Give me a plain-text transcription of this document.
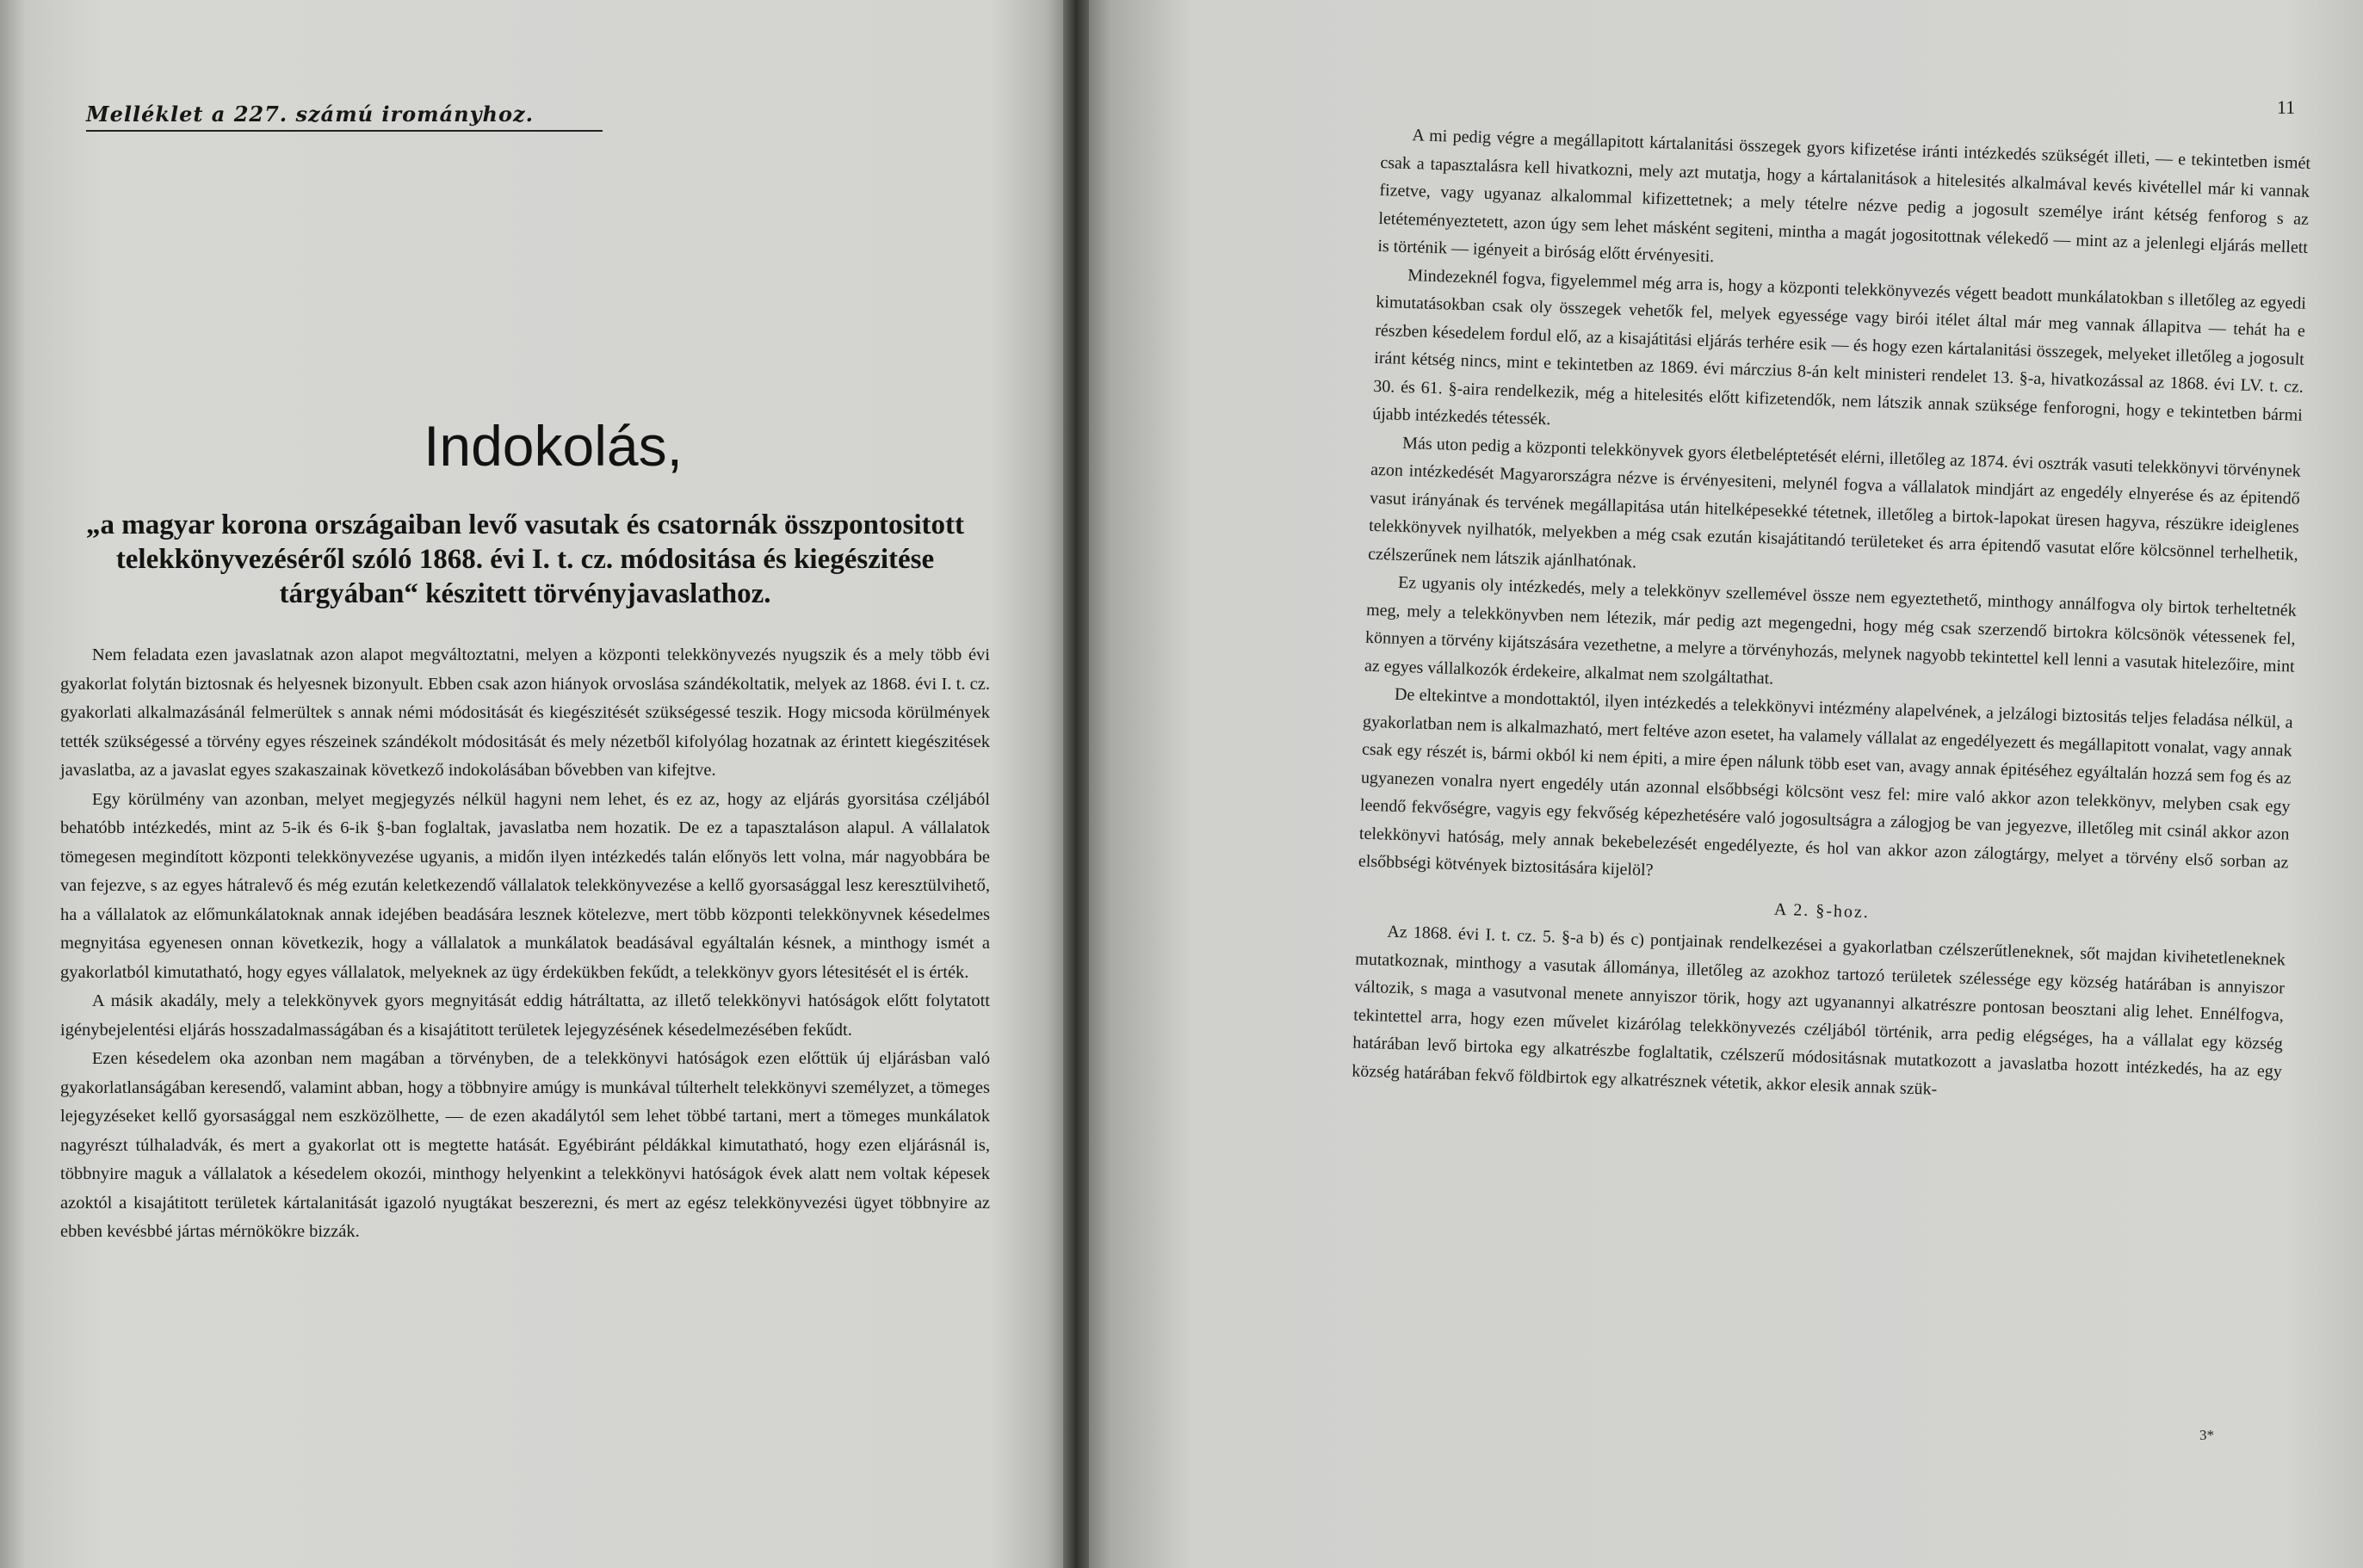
Melléklet a 227. számú irományhoz.
Indokolás,
„a magyar korona országaiban levő vasutak és csatornák összpontositott telekkönyvezéséről szóló 1868. évi I. t. cz. módositása és kiegészitése tárgyában“ készitett törvényjavaslathoz.

Nem feladata ezen javaslatnak azon alapot megváltoztatni, melyen a központi telekkönyvezés nyugszik és a mely több évi gyakorlat folytán biztosnak és helyesnek bizonyult. Ebben csak azon hiányok orvoslása szándékoltatik, melyek az 1868. évi I. t. cz. gyakorlati alkalmazásánál felmerültek s annak némi módositását és kiegészitését szükségessé teszik. Hogy micsoda körülmények tették szükségessé a törvény egyes részeinek szándékolt módositását és mely nézetből kifolyólag hozatnak az érintett kiegészitések javaslatba, az a javaslat egyes szakaszainak következő indokolásában bővebben van kifejtve.

Egy körülmény van azonban, melyet megjegyzés nélkül hagyni nem lehet, és ez az, hogy az eljárás gyorsitása czéljából behatóbb intézkedés, mint az 5-ik és 6-ik §-ban foglaltak, javaslatba nem hozatik. De ez a tapasztaláson alapul. A vállalatok tömegesen megindított központi telekkönyvezése ugyanis, a midőn ilyen intézkedés talán előnyös lett volna, már nagyobbára be van fejezve, s az egyes hátralevő és még ezután keletkezendő vállalatok telekkönyvezése a kellő gyorsasággal lesz keresztülvihető, ha a vállalatok az előmunkálatoknak annak idejében beadására lesznek kötelezve, mert több központi telekkönyvnek késedelmes megnyitása egyenesen onnan következik, hogy a vállalatok a munkálatok beadásával egyáltalán késnek, a minthogy ismét a gyakorlatból kimutatható, hogy egyes vállalatok, melyeknek az ügy érdekükben fekűdt, a telekkönyv gyors létesitését el is érték.

A másik akadály, mely a telekkönyvek gyors megnyitását eddig hátráltatta, az illető telekkönyvi hatóságok előtt folytatott igénybejelentési eljárás hosszadalmasságában és a kisajátitott területek lejegyzésének késedelmezésében fekűdt.

Ezen késedelem oka azonban nem magában a törvényben, de a telekkönyvi hatóságok ezen előttük új eljárásban való gyakorlatlanságában keresendő, valamint abban, hogy a többnyire amúgy is munkával túlterhelt telekkönyvi személyzet, a tömeges lejegyzéseket kellő gyorsasággal nem eszközölhette, — de ezen akadálytól sem lehet többé tartani, mert a tömeges munkálatok nagyrészt túlhaladvák, és mert a gyakorlat ott is megtette hatását. Egyébiránt példákkal kimutatható, hogy ezen eljárásnál is, többnyire maguk a vállalatok a késedelem okozói, minthogy helyenkint a telekkönyvi hatóságok évek alatt nem voltak képesek azoktól a kisajátitott területek kártalanitását igazoló nyugtákat beszerezni, és mert az egész telekkönyvezési ügyet többnyire az ebben kevésbbé jártas mérnökökre bizzák.

11

A mi pedig végre a megállapitott kártalanitási összegek gyors kifizetése iránti intézkedés szükségét illeti, — e tekintetben ismét csak a tapasztalásra kell hivatkozni, mely azt mutatja, hogy a kártalanitások a hitelesités alkalmával kevés kivétellel már ki vannak fizetve, vagy ugyanaz alkalommal kifizettetnek; a mely tételre nézve pedig a jogosult személye iránt kétség fenforog s az letéteményeztetett, azon úgy sem lehet másként segiteni, mintha a magát jogositottnak vélekedő — mint az a jelenlegi eljárás mellett is történik — igényeit a biróság előtt érvényesiti.

Mindezeknél fogva, figyelemmel még arra is, hogy a központi telekkönyvezés végett beadott munkálatokban s illetőleg az egyedi kimutatásokban csak oly összegek vehetők fel, melyek egyessége vagy birói itélet által már meg vannak állapitva — tehát ha e részben késedelem fordul elő, az a kisajátitási eljárás terhére esik — és hogy ezen kártalanitási összegek, melyeket illetőleg a jogosult iránt kétség nincs, mint e tekintetben az 1869. évi márczius 8-án kelt ministeri rendelet 13. §-a, hivatkozással az 1868. évi LV. t. cz. 30. és 61. §-aira rendelkezik, még a hitelesités előtt kifizetendők, nem látszik annak szüksége fenforogni, hogy e tekintetben bármi újabb intézkedés tétessék.

Más uton pedig a központi telekkönyvek gyors életbeléptetését elérni, illetőleg az 1874. évi osztrák vasuti telekkönyvi törvénynek azon intézkedését Magyarországra nézve is érvényesiteni, melynél fogva a vállalatok mindjárt az engedély elnyerése és az épitendő vasut irányának és tervének megállapitása után hitelképesekké tétetnek, illetőleg a birtok-lapokat üresen hagyva, részükre ideiglenes telekkönyvek nyilhatók, melyekben a még csak ezután kisajátitandó területeket és arra épitendő vasutat előre kölcsönnel terhelhetik, czélszerűnek nem látszik ajánlhatónak.

Ez ugyanis oly intézkedés, mely a telekkönyv szellemével össze nem egyeztethető, minthogy annálfogva oly birtok terheltetnék meg, mely a telekkönyvben nem létezik, már pedig azt megengedni, hogy még csak szerzendő birtokra kölcsönök vétessenek fel, könnyen a törvény kijátszására vezethetne, a melyre a törvényhozás, melynek nagyobb tekintettel kell lenni a vasutak hitelezőire, mint az egyes vállalkozók érdekeire, alkalmat nem szolgáltathat.

De eltekintve a mondottaktól, ilyen intézkedés a telekkönyvi intézmény alapelvének, a jelzálogi biztositás teljes feladása nélkül, a gyakorlatban nem is alkalmazható, mert feltéve azon esetet, ha valamely vállalat az engedélyezett és megállapitott vonalat, vagy annak csak egy részét is, bármi okból ki nem épiti, a mire épen nálunk több eset van, avagy annak épitéséhez egyáltalán hozzá sem fog és az ugyanezen vonalra nyert engedély után azonnal elsőbbségi kölcsönt vesz fel: mire való akkor azon telekkönyv, melyben csak egy leendő fekvőségre, vagyis egy fekvőség képezhetésére való jogosultságra a zálogjog be van jegyezve, illetőleg mit csinál akkor azon telekkönyvi hatóság, mely annak bekebelezését engedélyezte, és hol van akkor azon zálogtárgy, melyet a törvény első sorban az elsőbbségi kötvények biztositására kijelöl?

A 2. §-hoz.

Az 1868. évi I. t. cz. 5. §-a b) és c) pontjainak rendelkezései a gyakorlatban czélszerűtleneknek, sőt majdan kivihetetleneknek mutatkoznak, minthogy a vasutak állománya, illetőleg az azokhoz tartozó területek szélessége egy község határában is annyiszor változik, s maga a vasutvonal menete annyiszor törik, hogy azt ugyanannyi alkatrészre pontosan beosztani alig lehet. Ennélfogva, tekintettel arra, hogy ezen művelet kizárólag telekkönyvezés czéljából történik, arra pedig elégséges, ha a vállalat egy község határában levő birtoka egy alkatrészbe foglaltatik, czélszerű módositásnak mutatkozott a javaslatba hozott intézkedés, ha az egy község határában fekvő földbirtok egy alkatrésznek vétetik, akkor elesik annak szük-

3*
